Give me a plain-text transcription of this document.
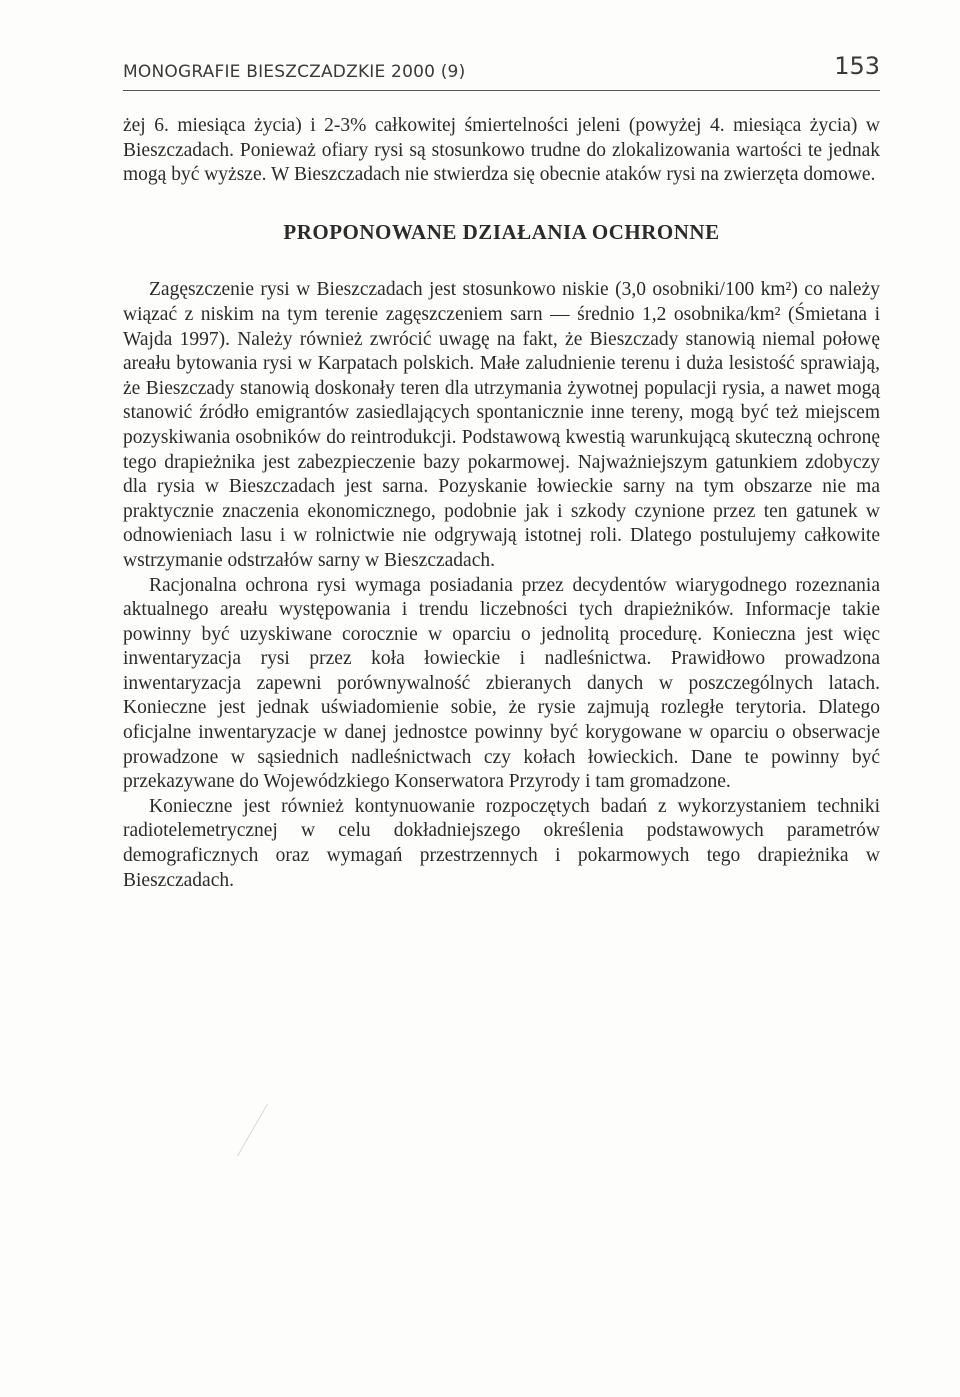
MONOGRAFIE BIESZCZADZKIE 2000 (9)	153

żej 6. miesiąca życia) i 2-3% całkowitej śmiertelności jeleni (powyżej 4. miesiąca życia) w Bieszczadach. Ponieważ ofiary rysi są stosunkowo trudne do zlokalizowania wartości te jednak mogą być wyższe. W Bieszczadach nie stwierdza się obecnie ataków rysi na zwierzęta domowe.

PROPONOWANE DZIAŁANIA OCHRONNE

Zagęszczenie rysi w Bieszczadach jest stosunkowo niskie (3,0 osobniki/100 km²) co należy wiązać z niskim na tym terenie zagęszczeniem sarn — średnio 1,2 osobnika/km² (Śmietana i Wajda 1997). Należy również zwrócić uwagę na fakt, że Bieszczady stanowią niemal połowę areału bytowania rysi w Karpatach polskich. Małe zaludnienie terenu i duża lesistość sprawiają, że Bieszczady stanowią doskonały teren dla utrzymania żywotnej populacji rysia, a nawet mogą stanowić źródło emigrantów zasiedlających spontanicznie inne tereny, mogą być też miejscem pozyskiwania osobników do reintrodukcji. Podstawową kwestią warunkującą skuteczną ochronę tego drapieżnika jest zabezpieczenie bazy pokarmowej. Najważniejszym gatunkiem zdobyczy dla rysia w Bieszczadach jest sarna. Pozyskanie łowieckie sarny na tym obszarze nie ma praktycznie znaczenia ekonomicznego, podobnie jak i szkody czynione przez ten gatunek w odnowieniach lasu i w rolnictwie nie odgrywają istotnej roli. Dlatego postulujemy całkowite wstrzymanie odstrzałów sarny w Bieszczadach.

Racjonalna ochrona rysi wymaga posiadania przez decydentów wiarygodnego rozeznania aktualnego areału występowania i trendu liczebności tych drapieżników. Informacje takie powinny być uzyskiwane corocznie w oparciu o jednolitą procedurę. Konieczna jest więc inwentaryzacja rysi przez koła łowieckie i nadleśnictwa. Prawidłowo prowadzona inwentaryzacja zapewni porównywalność zbieranych danych w poszczególnych latach. Konieczne jest jednak uświadomienie sobie, że rysie zajmują rozległe terytoria. Dlatego oficjalne inwentaryzacje w danej jednostce powinny być korygowane w oparciu o obserwacje prowadzone w sąsiednich nadleśnictwach czy kołach łowieckich. Dane te powinny być przekazywane do Wojewódzkiego Konserwatora Przyrody i tam gromadzone.

Konieczne jest również kontynuowanie rozpoczętych badań z wykorzystaniem techniki radiotelemetrycznej w celu dokładniejszego określenia podstawowych parametrów demograficznych oraz wymagań przestrzennych i pokarmowych tego drapieżnika w Bieszczadach.
